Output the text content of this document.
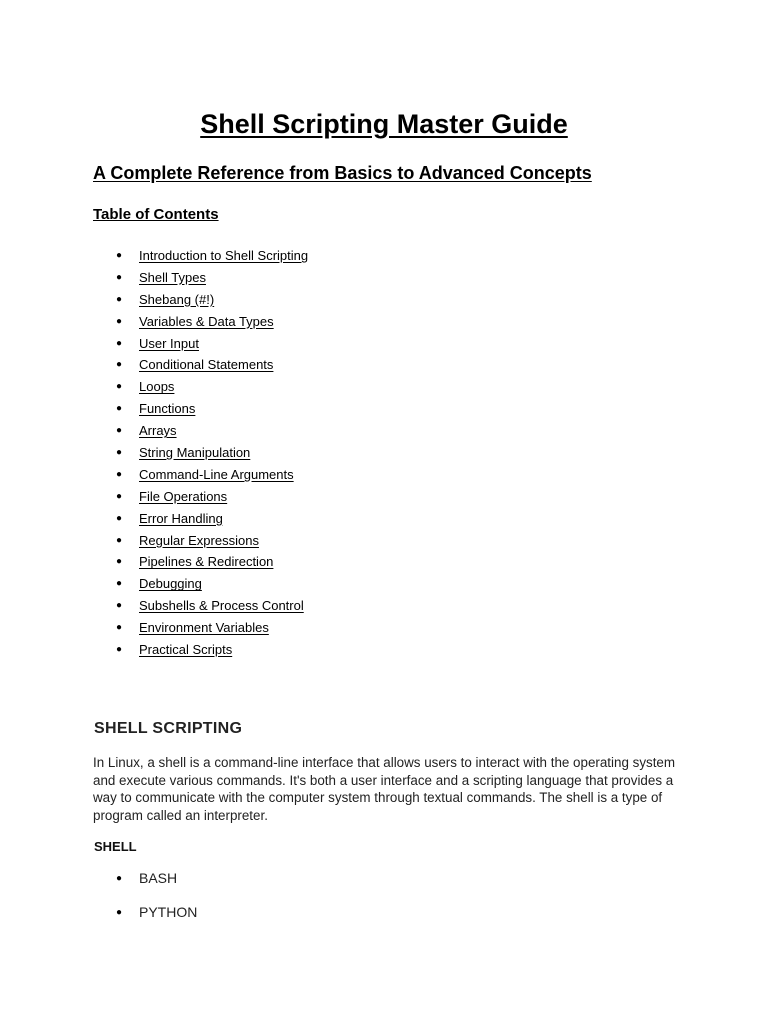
Shell Scripting Master Guide
A Complete Reference from Basics to Advanced Concepts
Table of Contents
● Introduction to Shell Scripting
● Shell Types
● Shebang (#!)
● Variables & Data Types
● User Input
● Conditional Statements
● Loops
● Functions
● Arrays
● String Manipulation
● Command-Line Arguments
● File Operations
● Error Handling
● Regular Expressions
● Pipelines & Redirection
● Debugging
● Subshells & Process Control
● Environment Variables
● Practical Scripts
SHELL SCRIPTING

In Linux, a shell is a command-line interface that allows users to interact with the operating system and execute various commands. It's both a user interface and a scripting language that provides a way to communicate with the computer system through textual commands. The shell is a type of program called an interpreter.

SHELL
● BASH
● PYTHON
